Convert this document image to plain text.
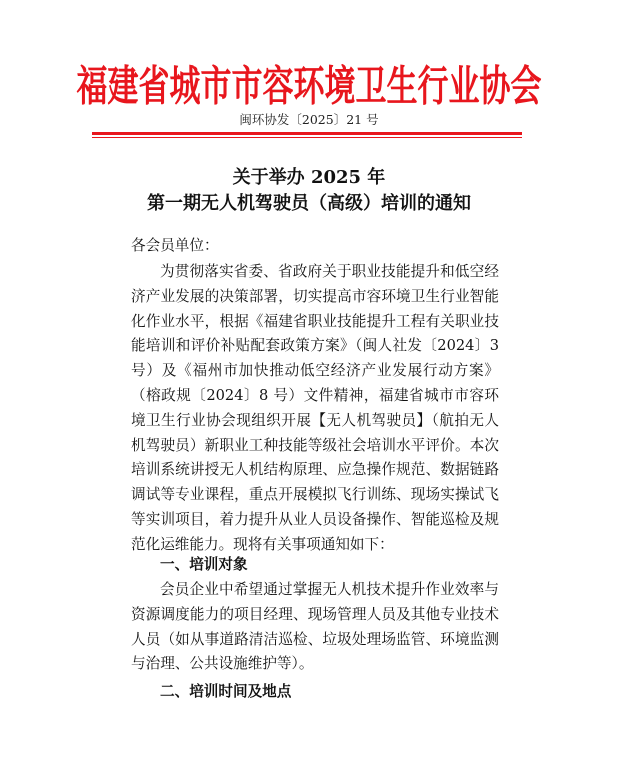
福建省城市市容环境卫生行业协会
闽环协发〔2025〕21 号
关于举办 2025 年
第一期无人机驾驶员（高级）培训的通知
各会员单位：
为贯彻落实省委、省政府关于职业技能提升和低空经济产业发展的决策部署，切实提高市容环境卫生行业智能化作业水平，根据《福建省职业技能提升工程有关职业技能培训和评价补贴配套政策方案》（闽人社发〔2024〕3 号）及《福州市加快推动低空经济产业发展行动方案》（榕政规〔2024〕8 号）文件精神，福建省城市市容环境卫生行业协会现组织开展【无人机驾驶员】（航拍无人机驾驶员）新职业工种技能等级社会培训水平评价。本次培训系统讲授无人机结构原理、应急操作规范、数据链路调试等专业课程，重点开展模拟飞行训练、现场实操试飞等实训项目，着力提升从业人员设备操作、智能巡检及规范化运维能力。现将有关事项通知如下：
一、培训对象
会员企业中希望通过掌握无人机技术提升作业效率与资源调度能力的项目经理、现场管理人员及其他专业技术人员（如从事道路清洁巡检、垃圾处理场监管、环境监测与治理、公共设施维护等）。
二、培训时间及地点
